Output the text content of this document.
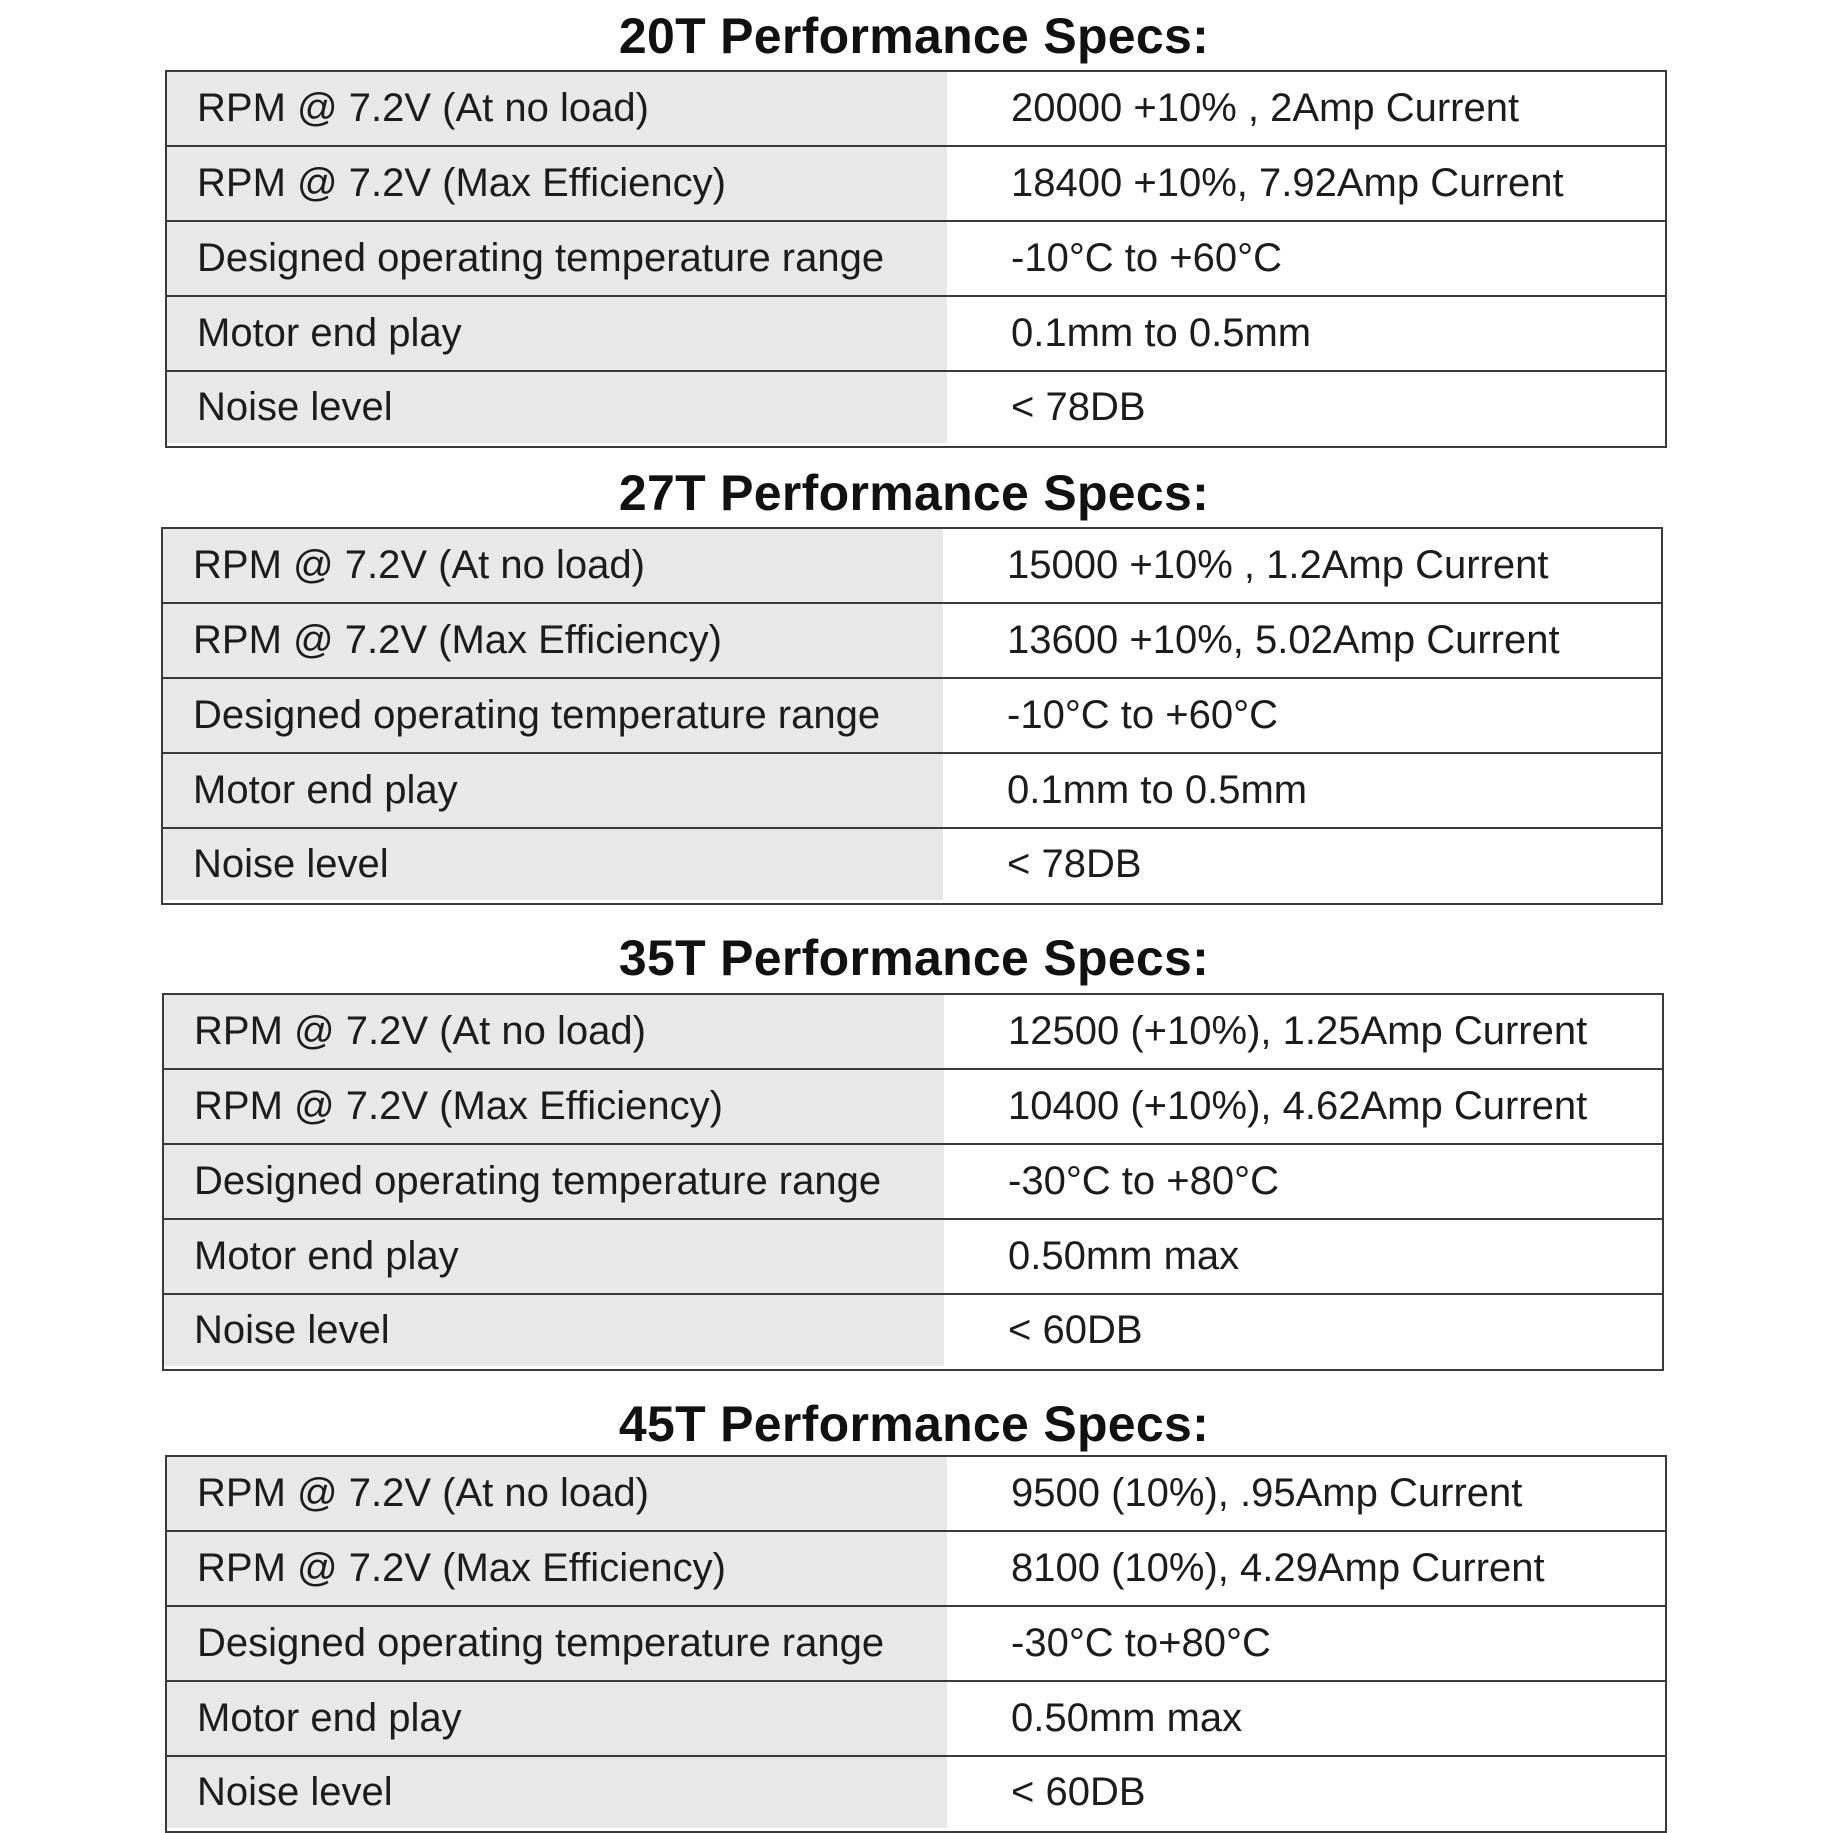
20T Performance Specs:
RPM @ 7.2V (At no load)	20000 +10% , 2Amp Current
RPM @ 7.2V (Max Efficiency)	18400 +10%, 7.92Amp Current
Designed operating temperature range	-10°C to +60°C
Motor end play	0.1mm to 0.5mm
Noise level	< 78DB
27T Performance Specs:
RPM @ 7.2V (At no load)	15000 +10% , 1.2Amp Current
RPM @ 7.2V (Max Efficiency)	13600 +10%, 5.02Amp Current
Designed operating temperature range	-10°C to +60°C
Motor end play	0.1mm to 0.5mm
Noise level	< 78DB
35T Performance Specs:
RPM @ 7.2V (At no load)	12500 (+10%), 1.25Amp Current
RPM @ 7.2V (Max Efficiency)	10400 (+10%), 4.62Amp Current
Designed operating temperature range	-30°C to +80°C
Motor end play	0.50mm max
Noise level	< 60DB
45T Performance Specs:
RPM @ 7.2V (At no load)	9500 (10%), .95Amp Current
RPM @ 7.2V (Max Efficiency)	8100 (10%), 4.29Amp Current
Designed operating temperature range	-30°C to+80°C
Motor end play	0.50mm max
Noise level	< 60DB
